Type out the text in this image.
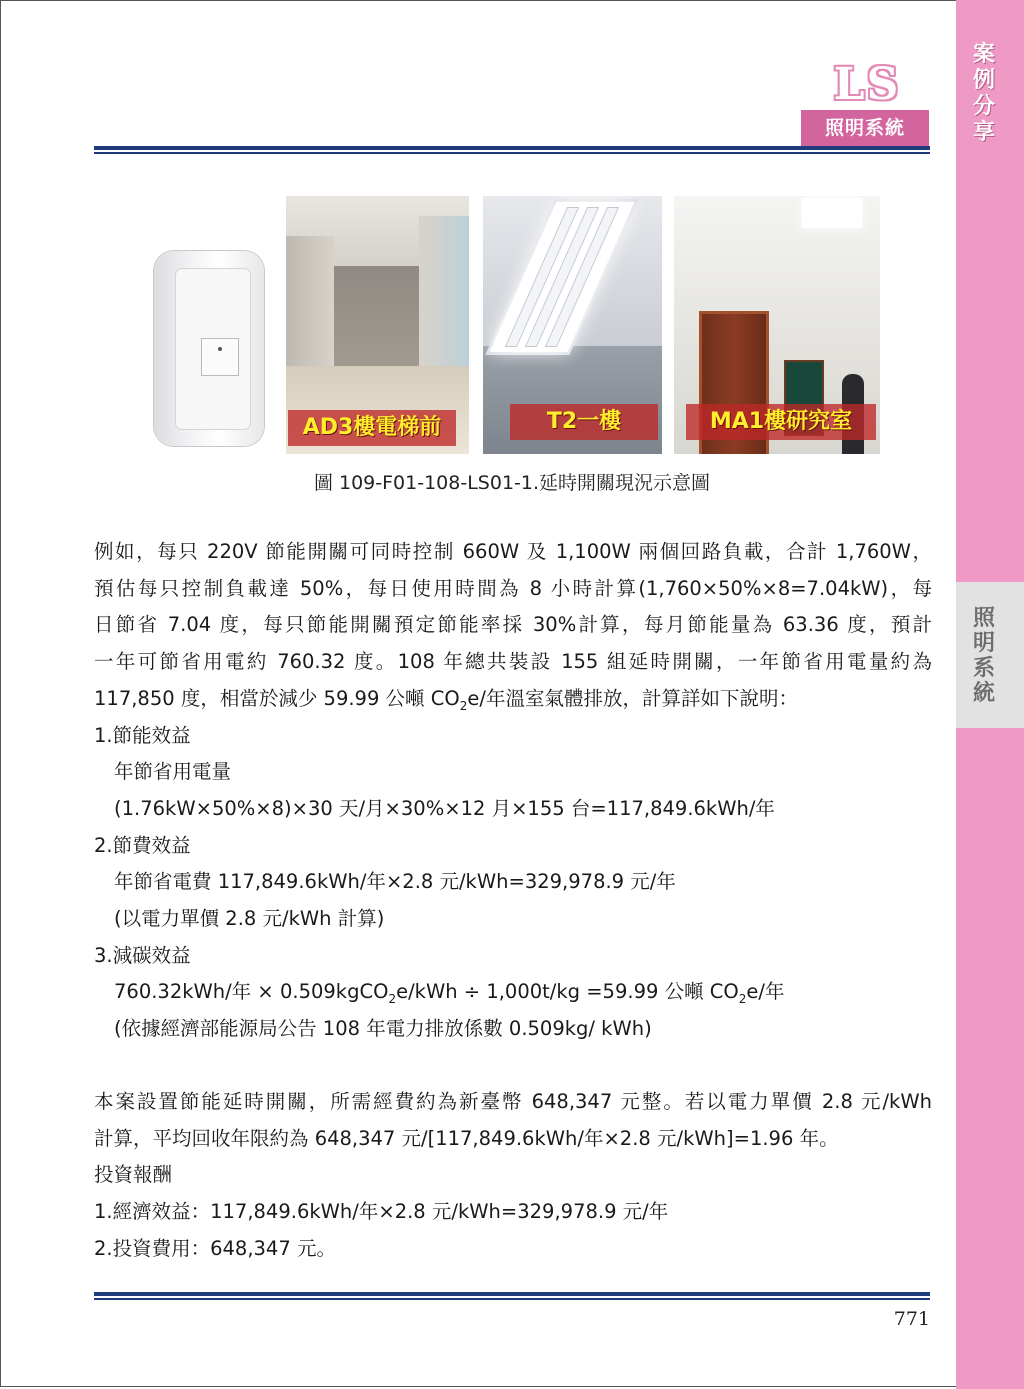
案例分享
照明系統
LS
照明系統
AD3樓電梯前	T2一樓	MA1樓研究室
圖 109-F01-108-LS01-1.延時開關現況示意圖

例如，每只 220V 節能開關可同時控制 660W 及 1,100W 兩個回路負載，合計 1,760W，

預估每只控制負載達 50%，每日使用時間為 8 小時計算(1,760×50%×8=7.04kW)，每

日節省 7.04 度，每只節能開關預定節能率採 30%計算，每月節能量為 63.36 度，預計

一年可節省用電約 760.32 度。108 年總共裝設 155 組延時開關，一年節省用電量約為

117,850 度，相當於減少 59.99 公噸 $CO_2e/$年溫室氣體排放，計算詳如下說明：

1.節能效益

年節省用電量

(1.76kW×50%×8)×30 天/月×30%×12 月×155 台=117,849.6kWh/年

2.節費效益

年節省電費 117,849.6kWh/年×2.8 元/kWh=329,978.9 元/年

(以電力單價 2.8 元/kWh 計算)

3.減碳效益

760.32kWh/年 × 0.509kgCO$_2$e/kWh ÷ 1,000t/kg =59.99 公噸 $CO_2e/$年

(依據經濟部能源局公告 108 年電力排放係數 0.509kg/ kWh)

本案設置節能延時開關，所需經費約為新臺幣 648,347 元整。若以電力單價 2.8 元/kWh

計算，平均回收年限約為 648,347 元/[117,849.6kWh/年×2.8 元/kWh]=1.96 年。

投資報酬

1.經濟效益：117,849.6kWh/年×2.8 元/kWh=329,978.9 元/年

2.投資費用：648,347 元。

771
